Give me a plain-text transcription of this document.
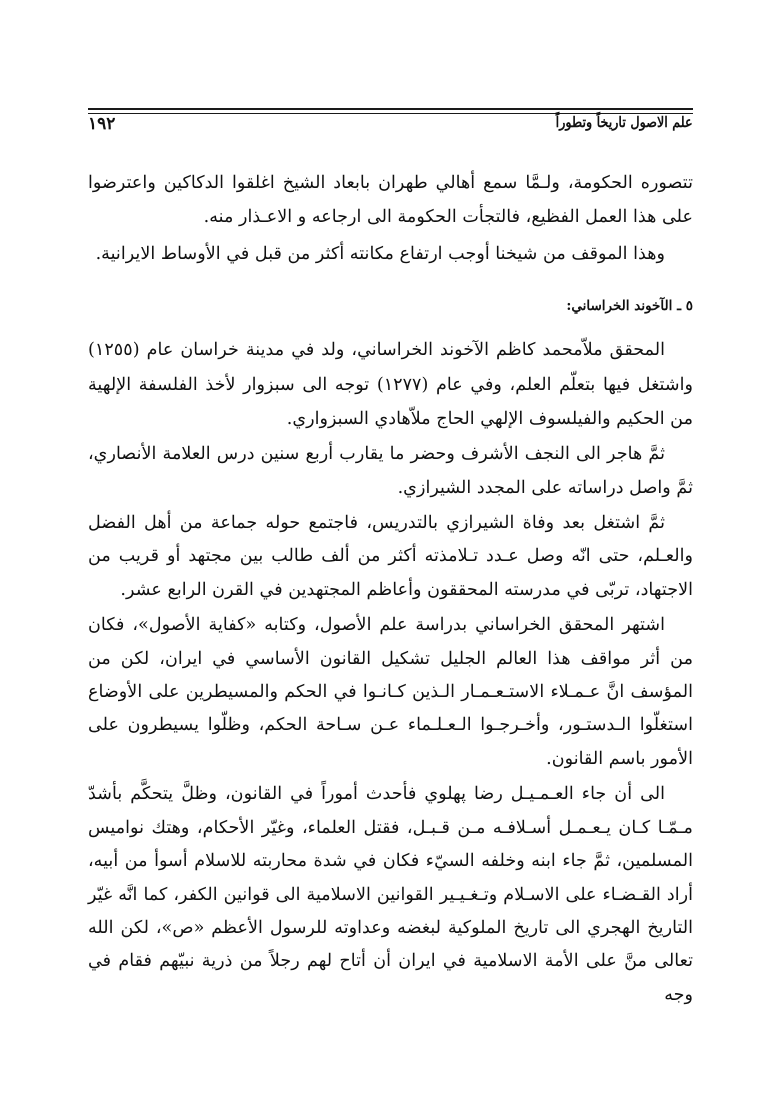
علم الاصول تاريخاً وتطوراً
١٩٢

تتصوره الحكومة، ولـمَّا سمع أهالي طهران بابعاد الشيخ اغلقوا الدكاكين واعترضوا على هذا العمل الفظيع، فالتجأت الحكومة الى ارجاعه و الاعـذار منه.

وهذا الموقف من شيخنا أوجب ارتفاع مكانته أكثر من قبل في الأوساط الايرانية.

٥ ـ الآخوند الخراساني:

المحقق ملاّمحمد كاظم الآخوند الخراساني، ولد في مدينة خراسان عام (١٢٥٥) واشتغل فيها بتعلّم العلم، وفي عام (١٢٧٧) توجه الى سبزوار لأخذ الفلسفة الإلهية من الحكيم والفيلسوف الإلهي الحاج ملاّهادي السبزواري.

ثمَّ هاجر الى النجف الأشرف وحضر ما يقارب أربع سنين درس العلامة الأنصاري، ثمَّ واصل دراساته على المجدد الشيرازي.

ثمَّ اشتغل بعد وفاة الشيرازي بالتدريس، فاجتمع حوله جماعة من أهل الفضل والعـلم، حتى انّه وصل عـدد تـلامذته أكثر من ألف طالب بين مجتهد أو قريب من الاجتهاد، تربّى في مدرسته المحققون وأعاظم المجتهدين في القرن الرابع عشر.

اشتهر المحقق الخراساني بدراسة علم الأصول، وكتابه «كفاية الأصول»، فكان من أثر مواقف هذا العالم الجليل تشكيل القانون الأساسي في ايران، لكن من المؤسف انَّ عـمـلاء الاستـعـمـار الـذين كـانـوا في الحكم والمسيطرين على الأوضاع استغلّوا الـدستـور، وأخـرجـوا الـعـلـماء عـن سـاحة الحكم، وظلّوا يسيطرون على الأمور باسم القانون.

الى أن جاء العـمـيـل رضا پهلوي فأحدث أموراً في القانون، وظلَّ يتحكَّم بأشدّ مـمّـا كـان يـعـمـل أسـلافـه مـن قـبـل، فقتل العلماء، وغيّر الأحكام، وهتك نواميس المسلمين، ثمَّ جاء ابنه وخلفه السيّء فكان في شدة محاربته للاسلام أسوأ من أبيه، أراد القـضـاء على الاسـلام وتـغـيـير القوانين الاسلامية الى قوانين الكفر، كما انَّه غيّر التاريخ الهجري الى تاريخ الملوكية لبغضه وعداوته للرسول الأعظم «ص»، لكن الله تعالى منَّ على الأمة الاسلامية في ايران أن أتاح لهم رجلاً من ذرية نبيّهم فقام في وجه
